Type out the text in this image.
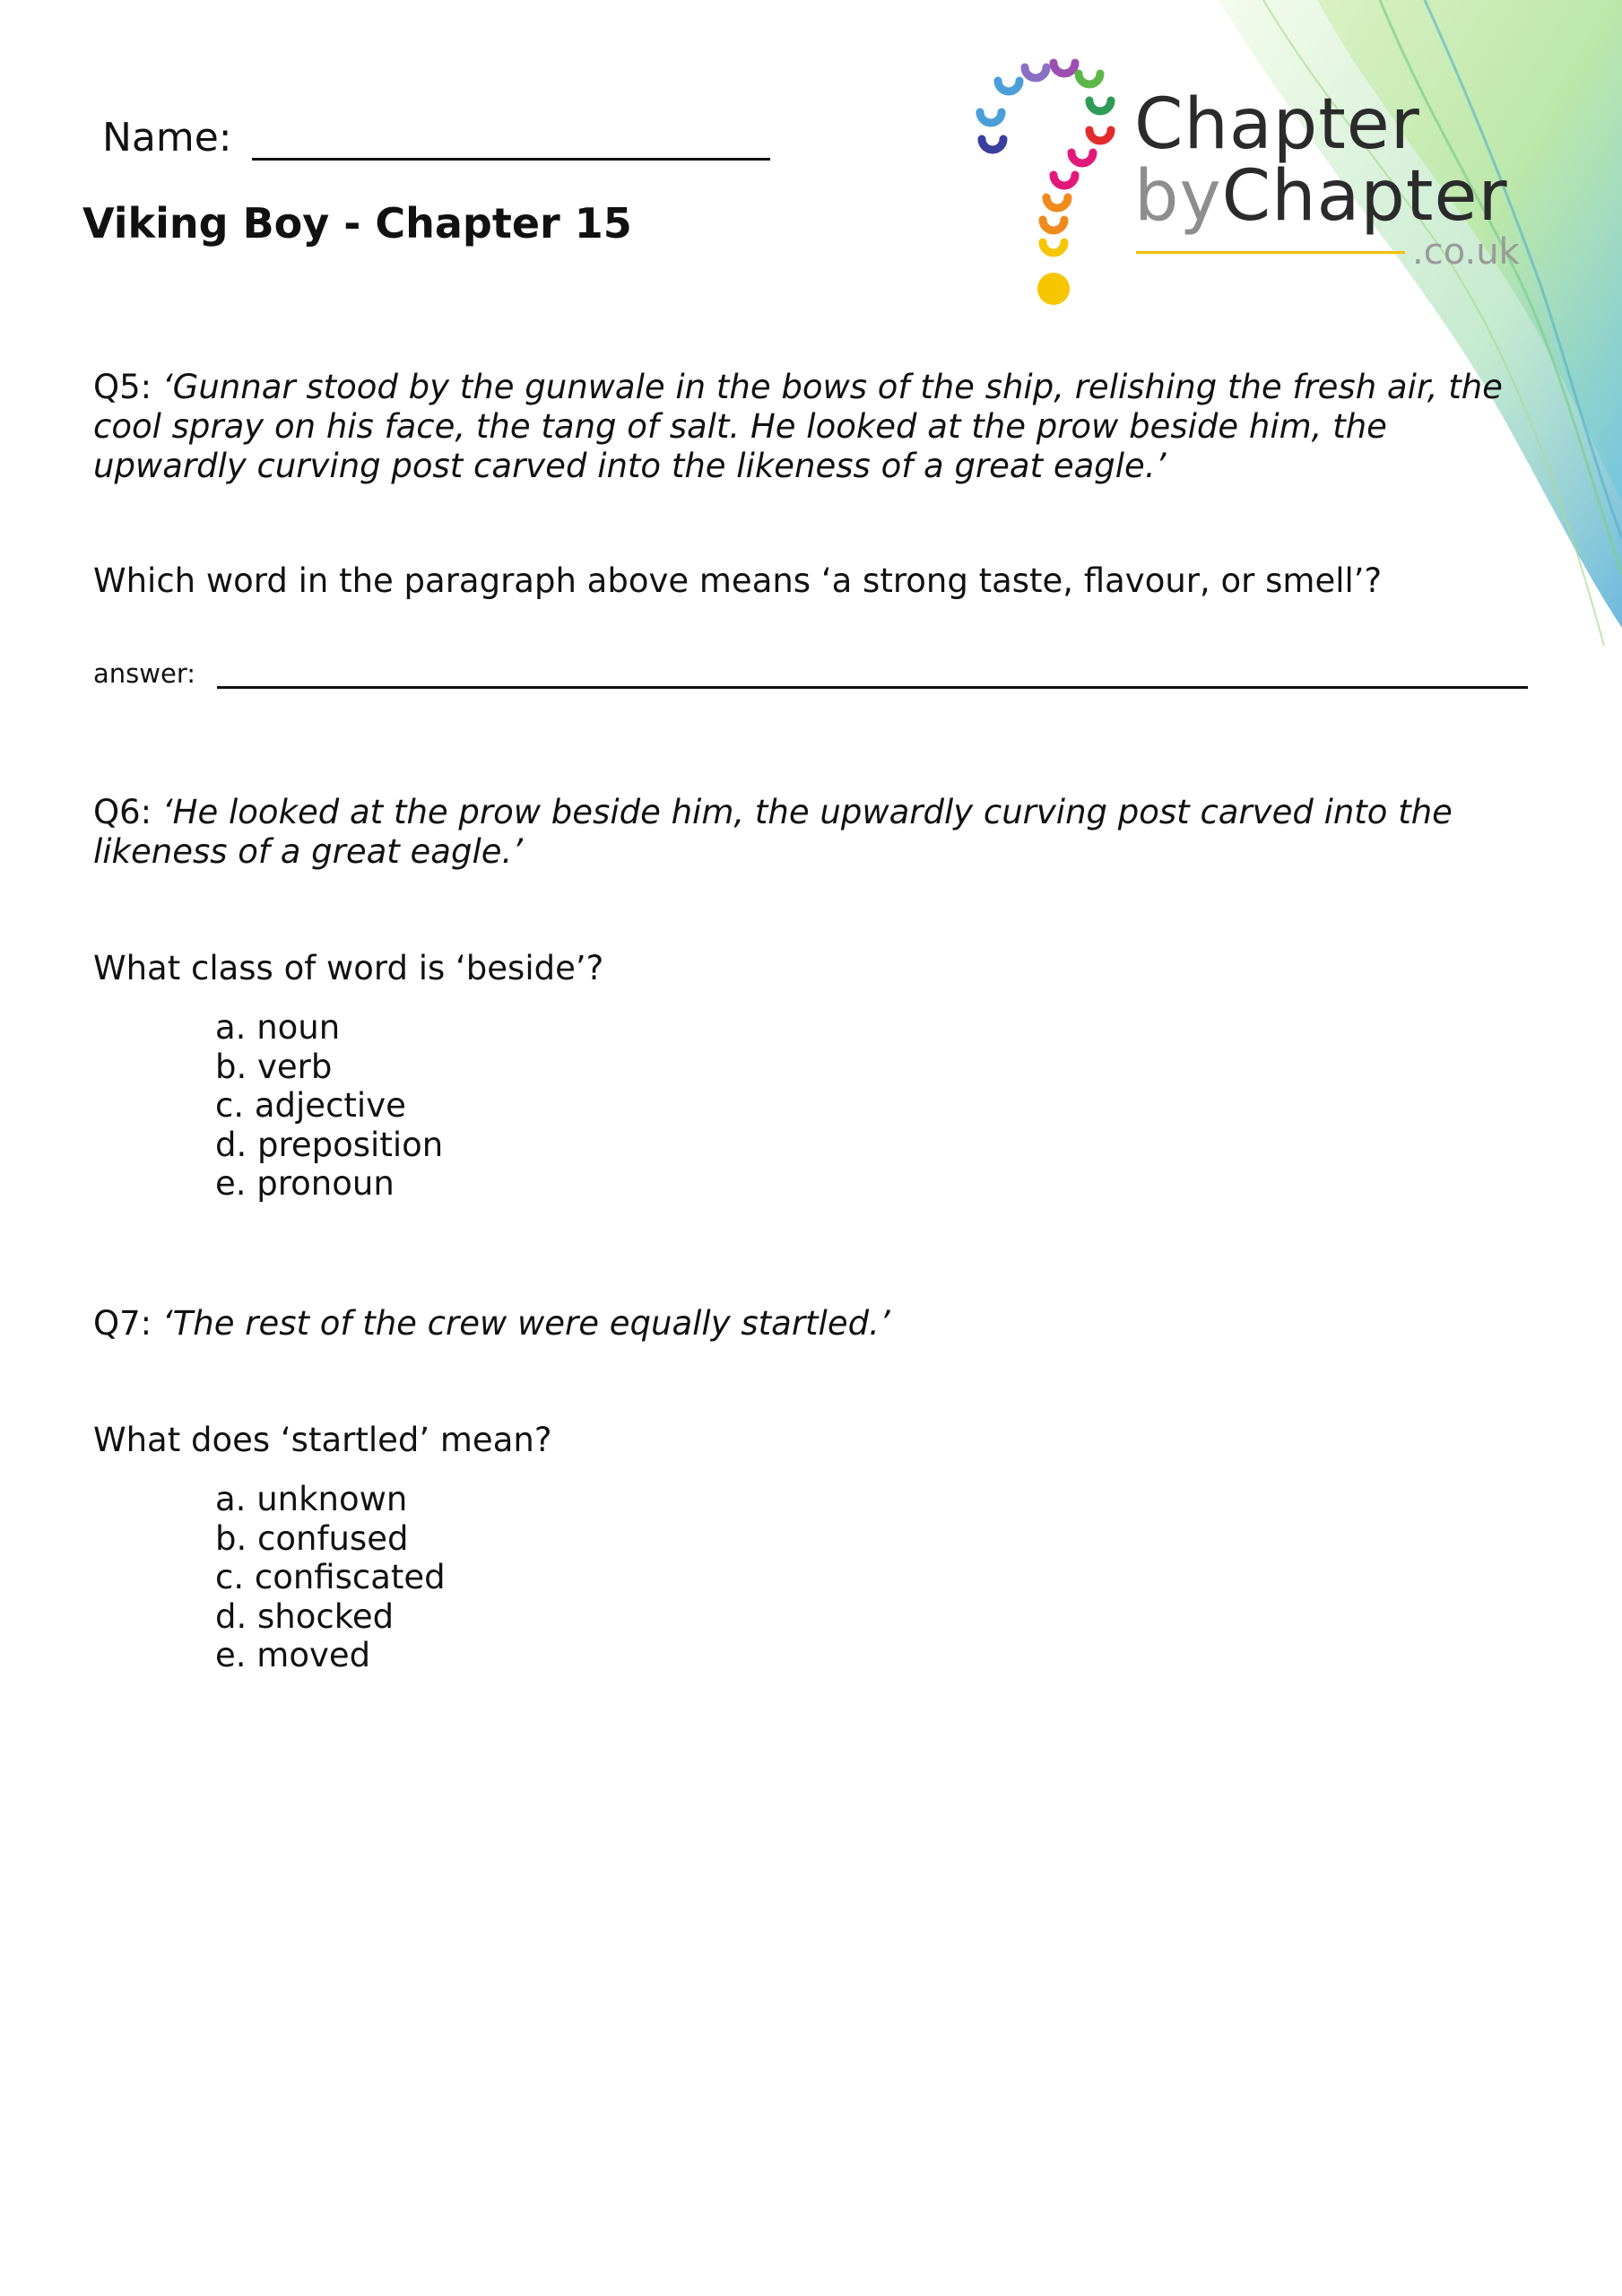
Name:
Viking Boy - Chapter 15
Chapter
byChapter
.co.uk
Q5: ‘Gunnar stood by the gunwale in the bows of the ship, relishing the fresh air, the cool spray on his face, the tang of salt. He looked at the prow beside him, the upwardly curving post carved into the likeness of a great eagle.’
Which word in the paragraph above means ‘a strong taste, flavour, or smell’?
answer:
Q6: ‘He looked at the prow beside him, the upwardly curving post carved into the likeness of a great eagle.’
What class of word is ‘beside’?
a. noun
b. verb
c. adjective
d. preposition
e. pronoun
Q7: ‘The rest of the crew were equally startled.’
What does ‘startled’ mean?
a. unknown
b. confused
c. confiscated
d. shocked
e. moved
